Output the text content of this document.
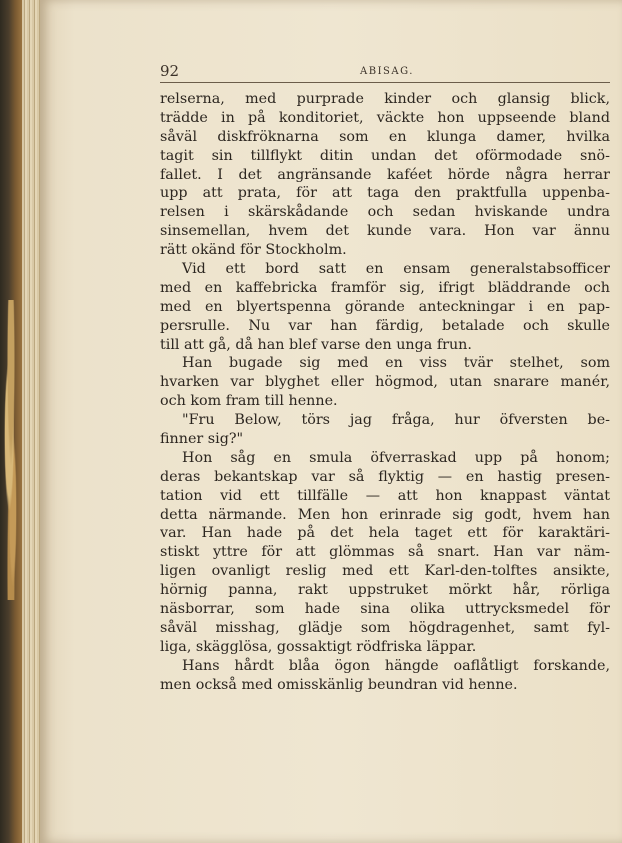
92	ABISAG.
relserna, med purprade kinder och glansig blick,
trädde in på konditoriet, väckte hon uppseende bland
såväl diskfröknarna som en klunga damer, hvilka
tagit sin tillflykt ditin undan det oförmodade snö-
fallet. I det angränsande kaféet hörde några herrar
upp att prata, för att taga den praktfulla uppenba-
relsen i skärskådande och sedan hviskande undra
sinsemellan, hvem det kunde vara. Hon var ännu
rätt okänd för Stockholm.
Vid ett bord satt en ensam generalstabsofficer
med en kaffebricka framför sig, ifrigt bläddrande och
med en blyertspenna görande anteckningar i en pap-
persrulle. Nu var han färdig, betalade och skulle
till att gå, då han blef varse den unga frun.
Han bugade sig med en viss tvär stelhet, som
hvarken var blyghet eller högmod, utan snarare manér,
och kom fram till henne.
"Fru Below, törs jag fråga, hur öfversten be-
finner sig?"
Hon såg en smula öfverraskad upp på honom;
deras bekantskap var så flyktig — en hastig presen-
tation vid ett tillfälle — att hon knappast väntat
detta närmande. Men hon erinrade sig godt, hvem han
var. Han hade på det hela taget ett för karaktäri-
stiskt yttre för att glömmas så snart. Han var näm-
ligen ovanligt reslig med ett Karl-den-tolftes ansikte,
hörnig panna, rakt uppstruket mörkt hår, rörliga
näsborrar, som hade sina olika uttrycksmedel för
såväl misshag, glädje som högdragenhet, samt fyl-
liga, skägglösa, gossaktigt rödfriska läppar.
Hans hårdt blåa ögon hängde oaflåtligt forskande,
men också med omisskänlig beundran vid henne.
